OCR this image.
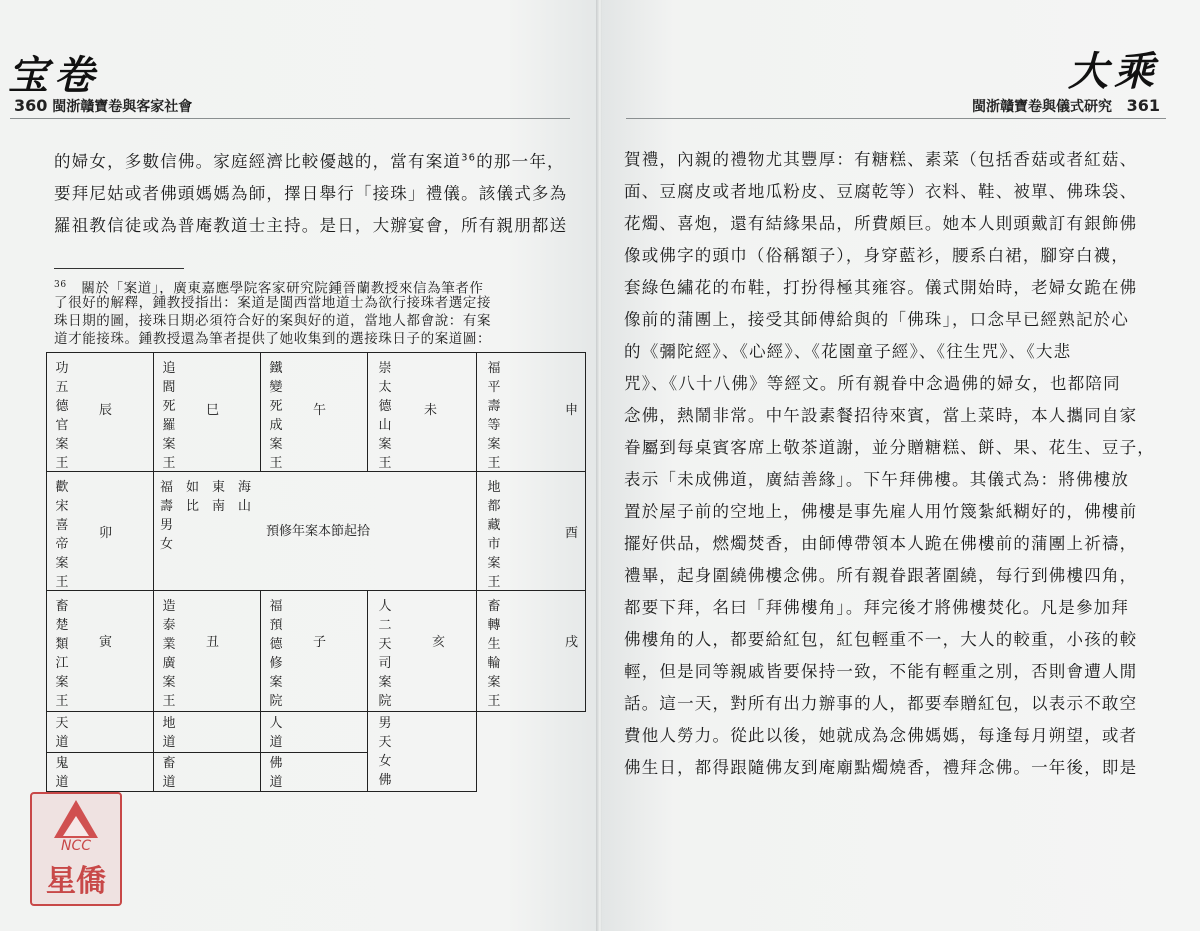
宝卷
360 閩浙贛寶卷與客家社會
的婦女，多數信佛。家庭經濟比較優越的，當有案道$^{36}$的那一年，
要拜尼姑或者佛頭媽媽為師，擇日舉行「接珠」禮儀。該儀式多為
羅祖教信徒或為普庵教道士主持。是日，大辦宴會，所有親朋都送
$^{36}$ 關於「案道」，廣東嘉應學院客家研究院鍾晉蘭教授來信為筆者作
了很好的解釋，鍾教授指出：案道是閩西當地道士為欲行接珠者選定接
珠日期的圖，接珠日期必須符合好的案與好的道，當地人都會說：有案
道才能接珠。鍾教授還為筆者提供了她收集到的選接珠日子的案道圖：
功五德官案王
辰
追閻死羅案王
巳
鐵變死成案王
午
崇太德山案王
未
福平壽等案王
申
歡宋喜帝案王
卯
福　如　東　海
壽　比　南　山
男
女
預修年案本節起拾
地都藏市案王
酉
畜楚類江案王
寅
造泰業廣案王
丑
福預德修案院
子
人二天司案院
亥
畜轉生輪案王
戌
天道
鬼道
地道
畜道
人道
佛道
男天女佛
大乘
閩浙贛寶卷與儀式研究 361
賀禮，內親的禮物尤其豐厚：有糖糕、素菜（包括香菇或者紅菇、
面、豆腐皮或者地瓜粉皮、豆腐乾等）衣料、鞋、被單、佛珠袋、
花燭、喜炮，還有結緣果品，所費頗巨。她本人則頭戴訂有銀飾佛
像或佛字的頭巾（俗稱額子），身穿藍衫，腰系白裙，腳穿白襪，
套綠色繡花的布鞋，打扮得極其雍容。儀式開始時，老婦女跪在佛
像前的蒲團上，接受其師傅給與的「佛珠」，口念早已經熟記於心
的《彌陀經》、《心經》、《花園童子經》、《往生咒》、《大悲
咒》、《八十八佛》等經文。所有親眷中念過佛的婦女，也都陪同
念佛，熱鬧非常。中午設素餐招待來賓，當上菜時，本人攜同自家
眷屬到每桌賓客席上敬茶道謝，並分贈糖糕、餅、果、花生、豆子，
表示「未成佛道，廣結善緣」。下午拜佛樓。其儀式為：將佛樓放
置於屋子前的空地上，佛樓是事先雇人用竹篾紮紙糊好的，佛樓前
擺好供品，燃燭焚香，由師傅帶領本人跪在佛樓前的蒲團上祈禱，
禮畢，起身圍繞佛樓念佛。所有親眷跟著圍繞，每行到佛樓四角，
都要下拜，名曰「拜佛樓角」。拜完後才將佛樓焚化。凡是參加拜
佛樓角的人，都要給紅包，紅包輕重不一，大人的較重，小孩的較
輕，但是同等親戚皆要保持一致，不能有輕重之別，否則會遭人閒
話。這一天，對所有出力辦事的人，都要奉贈紅包，以表示不敢空
費他人勞力。從此以後，她就成為念佛媽媽，每逢每月朔望，或者
佛生日，都得跟隨佛友到庵廟點燭燒香，禮拜念佛。一年後，即是
NCC
星僑
